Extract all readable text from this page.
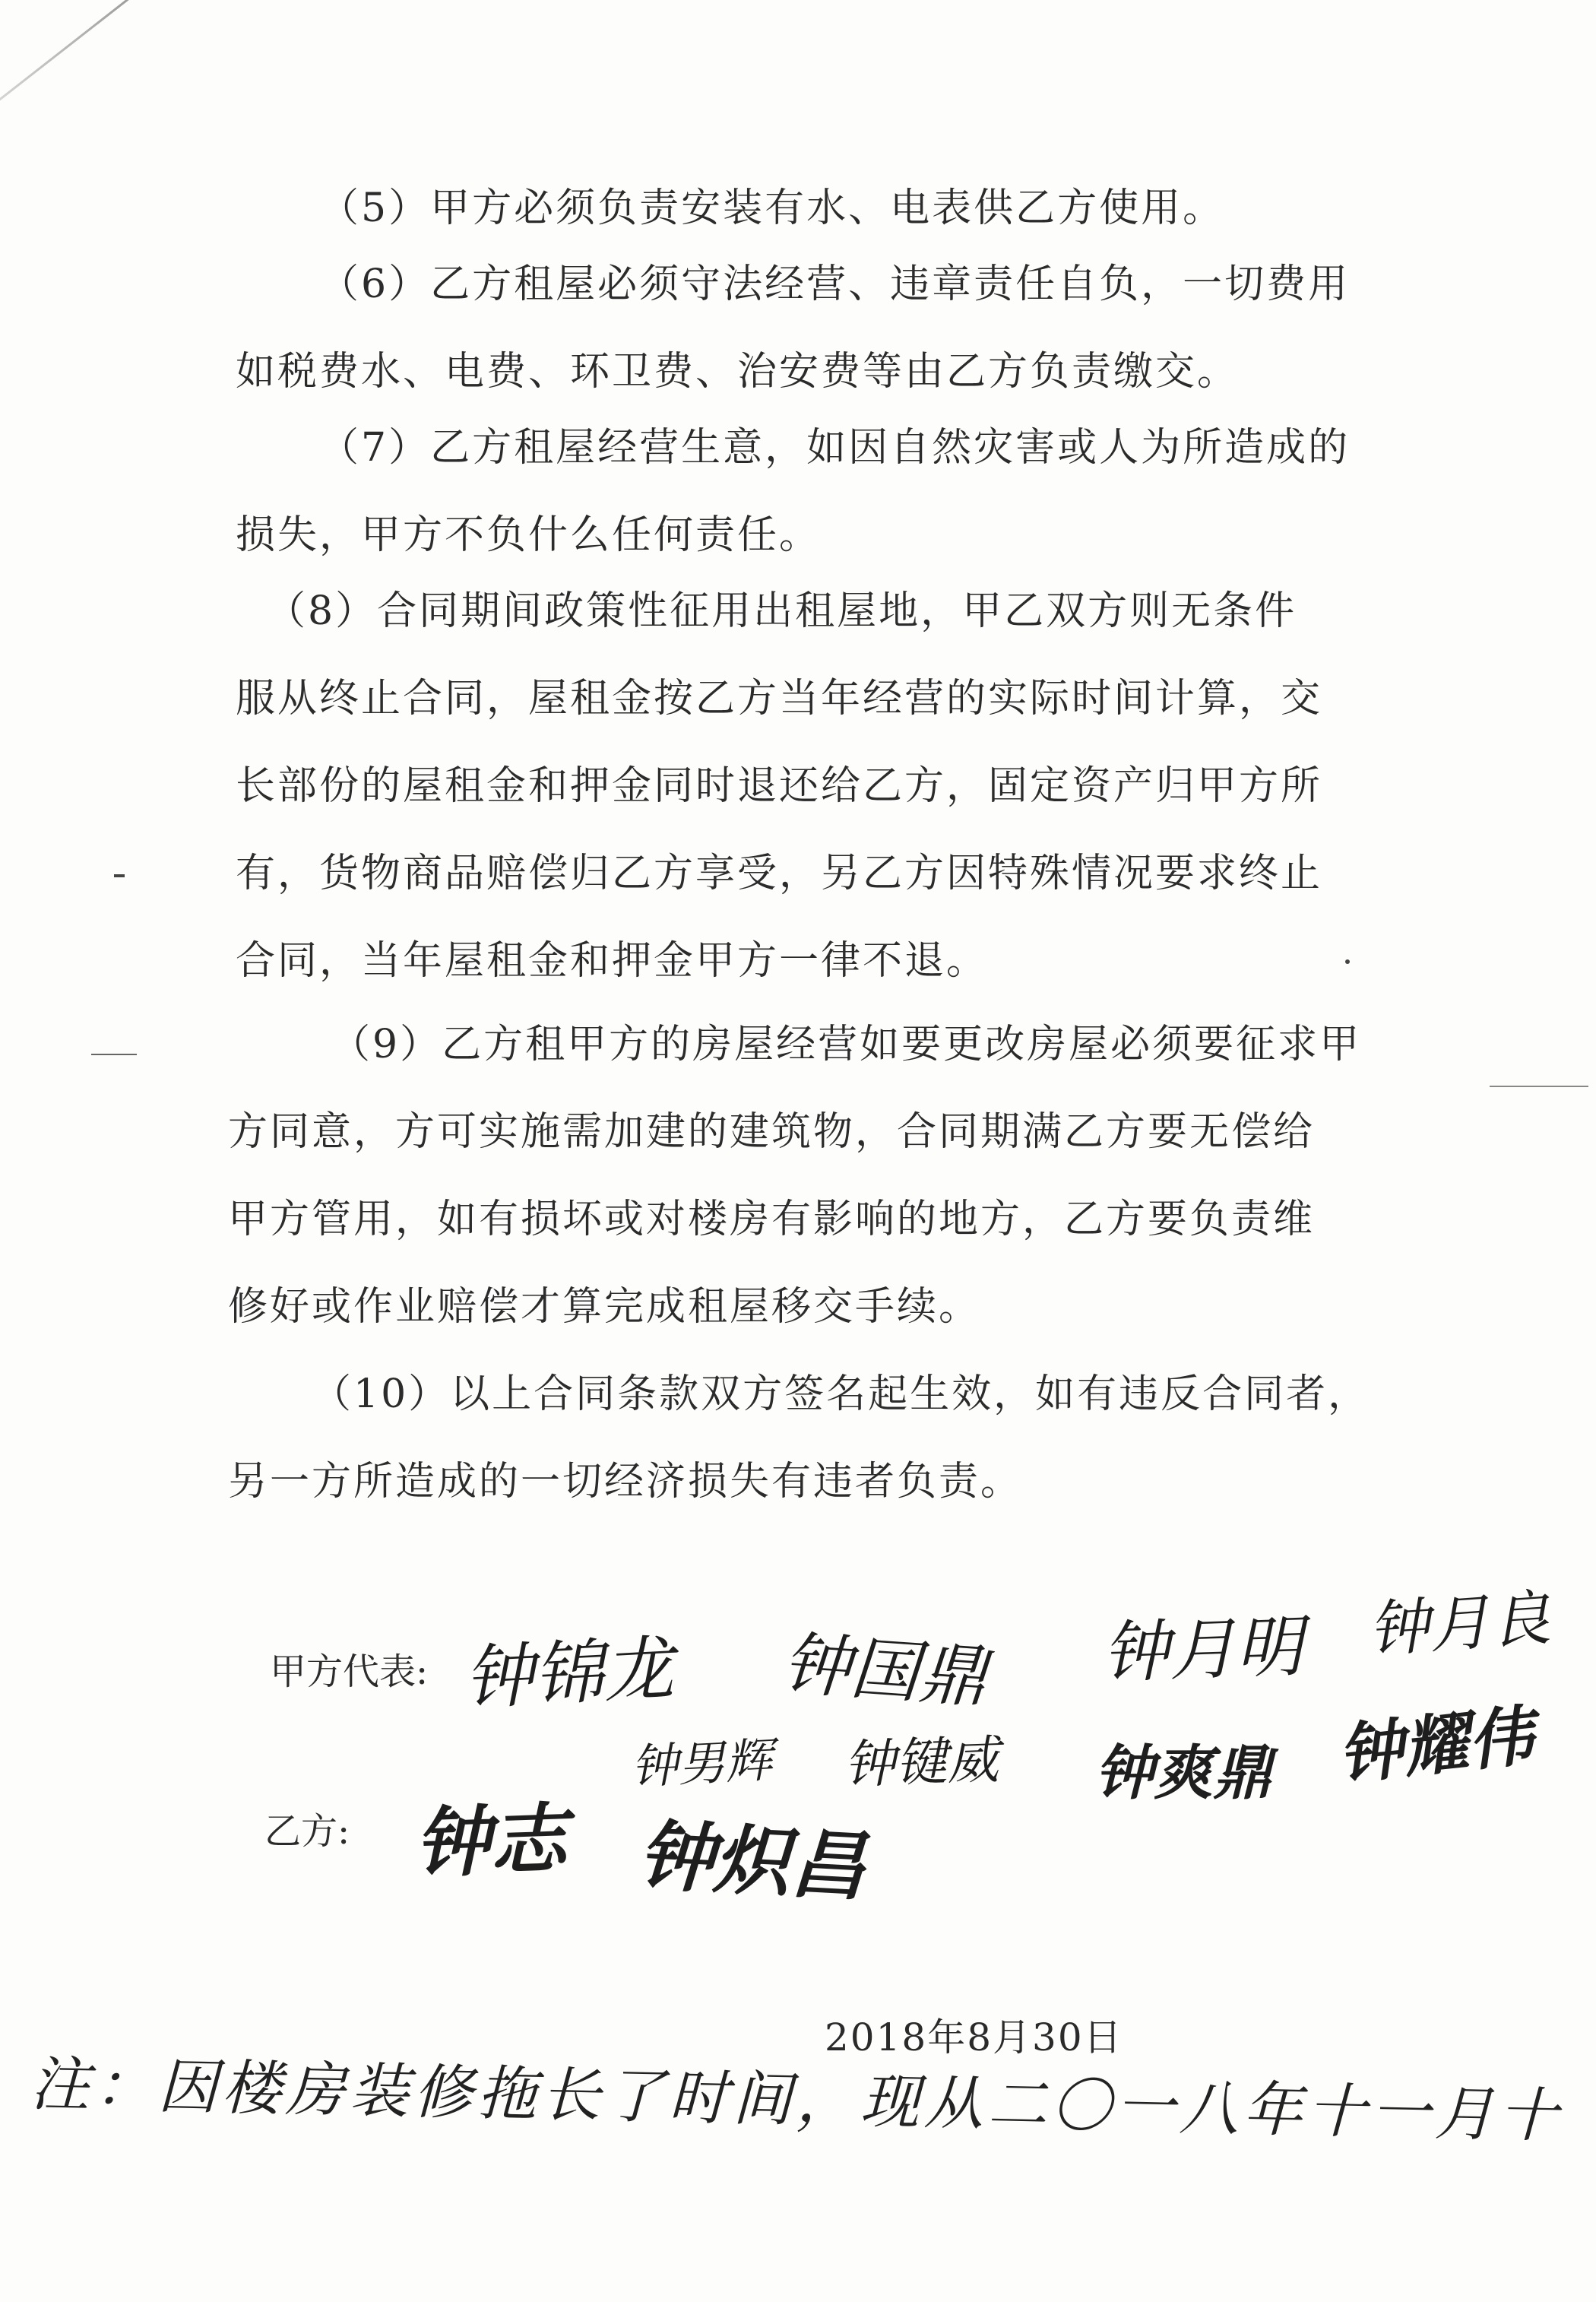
（5）甲方必须负责安装有水、电表供乙方使用。

（6）乙方租屋必须守法经营、违章责任自负，一切费用

如税费水、电费、环卫费、治安费等由乙方负责缴交。

（7）乙方租屋经营生意，如因自然灾害或人为所造成的

损失，甲方不负什么任何责任。

（8）合同期间政策性征用出租屋地，甲乙双方则无条件

服从终止合同，屋租金按乙方当年经营的实际时间计算，交

长部份的屋租金和押金同时退还给乙方，固定资产归甲方所

有，货物商品赔偿归乙方享受，另乙方因特殊情况要求终止

合同，当年屋租金和押金甲方一律不退。

（9）乙方租甲方的房屋经营如要更改房屋必须要征求甲

方同意，方可实施需加建的建筑物，合同期满乙方要无偿给

甲方管用，如有损坏或对楼房有影响的地方，乙方要负责维

修好或作业赔偿才算完成租屋移交手续。

（10）以上合同条款双方签名起生效，如有违反合同者，

另一方所造成的一切经济损失有违者负责。

甲方代表: 钟锦龙 钟国鼎 钟月明 钟月良
钟男辉 钟键威 钟爽鼎 钟耀伟
乙方: 钟志 钟炽昌
2018年8月30日
注：因楼房装修拖长了时间，现从二〇一八年十一月十
